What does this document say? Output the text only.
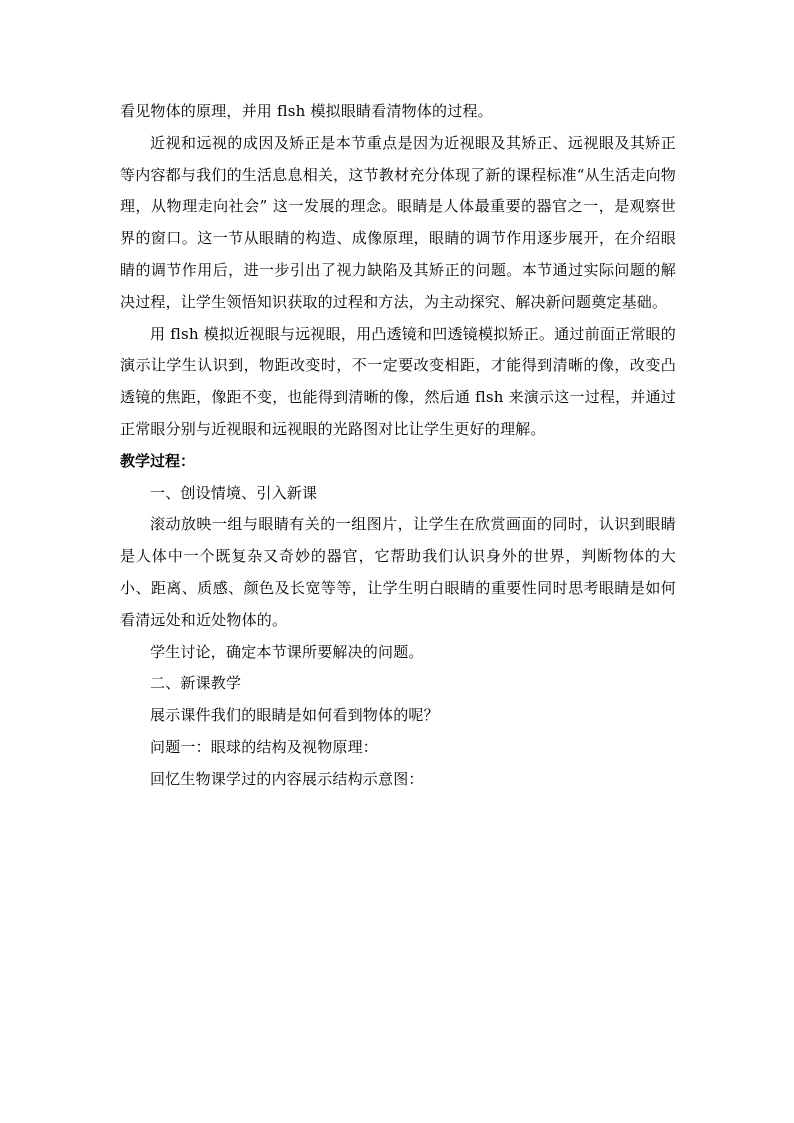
看见物体的原理，并用 flsh 模拟眼睛看清物体的过程。

近视和远视的成因及矫正是本节重点是因为近视眼及其矫正、远视眼及其矫正等内容都与我们的生活息息相关，这节教材充分体现了新的课程标准“从生活走向物理，从物理走向社会” 这一发展的理念。眼睛是人体最重要的器官之一，是观察世界的窗口。这一节从眼睛的构造、成像原理，眼睛的调节作用逐步展开，在介绍眼睛的调节作用后，进一步引出了视力缺陷及其矫正的问题。本节通过实际问题的解决过程，让学生领悟知识获取的过程和方法，为主动探究、解决新问题奠定基础。

用 flsh 模拟近视眼与远视眼，用凸透镜和凹透镜模拟矫正。通过前面正常眼的演示让学生认识到，物距改变时，不一定要改变相距，才能得到清晰的像，改变凸透镜的焦距，像距不变，也能得到清晰的像，然后通 flsh 来演示这一过程，并通过正常眼分别与近视眼和远视眼的光路图对比让学生更好的理解。

教学过程：

一、创设情境、引入新课

滚动放映一组与眼睛有关的一组图片，让学生在欣赏画面的同时，认识到眼睛是人体中一个既复杂又奇妙的器官，它帮助我们认识身外的世界，判断物体的大小、距离、质感、颜色及长宽等等，让学生明白眼睛的重要性同时思考眼睛是如何看清远处和近处物体的。

学生讨论，确定本节课所要解决的问题。

二、新课教学

展示课件我们的眼睛是如何看到物体的呢？

问题一：眼球的结构及视物原理：

回忆生物课学过的内容展示结构示意图：
